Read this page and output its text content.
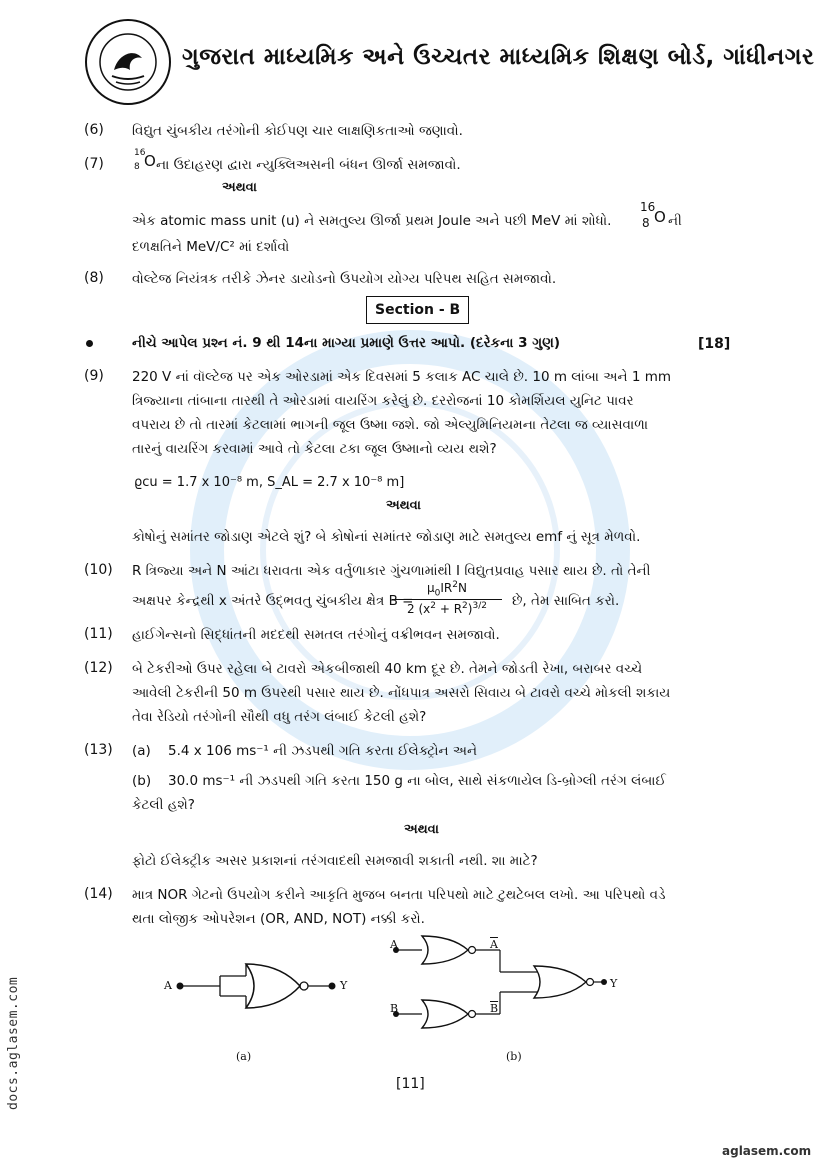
ગુજરાત માધ્યમિક અને ઉચ્ચતર માધ્યમિક શિક્ષણ બોર્ડ, ગાંધીનગર
(6) વિદ્યુત ચુંબકીય તરંગોની કોઈપણ ચાર લાક્ષણિકતાઓ જણાવો.
(7)
16
8 O ના ઉદાહરણ દ્વારા ન્યુક્લિઅસની બંધન ઊર્જા સમજાવો.
અથવા
એક atomic mass unit (u) ને સમતુલ્ય ઊર્જા પ્રથમ Joule અને પછી MeV માં શોધો.
16
8 O ની
દળક્ષતિને MeV/C² માં દર્શાવો
(8) વોલ્ટેજ નિયંત્રક તરીકે ઝેનર ડાયોડનો ઉપયોગ યોગ્ય પરિપથ સહિત સમજાવો.
Section - B
નીચે આપેલ પ્રશ્ન નં. 9 થી 14ના માગ્યા પ્રમાણે ઉત્તર આપો. (દરેકના 3 ગુણ)	[18]
(9) 220 V નાં વૉલ્ટેજ પર એક ઓરડામાં એક દિવસમાં 5 કલાક AC ચાલે છે. 10 m લાંબા અને 1 mm
ત્રિજ્યાના તાંબાના તારથી તે ઓરડામાં વાયરિંગ કરેલું છે. દરરોજનાં 10 કોમર્શિયલ યુનિટ પાવર
વપરાય છે તો તારમાં કેટલામાં ભાગની જૂલ ઉષ્મા જશે. જો એલ્યુમિનિયમના તેટલા જ વ્યાસવાળા
તારનું વાયરિંગ કરવામાં આવે તો કેટલા ટકા જૂલ ઉષ્માનો વ્યય થશે?
ϱcu = 1.7 x 10⁻⁸ m, S_AL = 2.7 x 10⁻⁸ m]
અથવા
કોષોનું સમાંતર જોડાણ એટલે શું? બે કોષોનાં સમાંતર જોડાણ માટે સમતુલ્ય emf નું સૂત્ર મેળવો.
(10) R ત્રિજ્યા અને N આંટા ધરાવતા એક વર્તુળાકાર ગુંચળામાંથી I વિદ્યુતપ્રવાહ પસાર થાય છે. તો તેની
અક્ષપર કેન્દ્રથી x અંતરે ઉદ્‌ભવતુ ચુંબકીય ક્ષેત્ર B =
$\mu_0IR^2N$
2 $(x^2 + R^2)^{3/2}$	છે, તેમ સાબિત કરો.
(11) હાઈગેન્સનો સિદ્ધાંતની મદદથી સમતલ તરંગોનું વક્રીભવન સમજાવો.
(12) બે ટેકરીઓ ઉપર રહેલા બે ટાવરો એકબીજાથી 40 km દૂર છે. તેમને જોડતી રેખા, બરાબર વચ્ચે
આવેલી ટેકરીની 50 m ઉપરથી પસાર થાય છે. નોંધપાત્ર અસરો સિવાય બે ટાવરો વચ્ચે મોકલી શકાય
તેવા રેડિયો તરંગોની સૌથી વધુ તરંગ લંબાઈ કેટલી હશે?
(13) (a) 5.4 x 106 ms⁻¹ ની ઝડપથી ગતિ કરતા ઈલેક્ટ્રોન અને
(b) 30.0 ms⁻¹ ની ઝડપથી ગતિ કરતા 150 g ના બોલ, સાથે સંકળાયેલ ડિ-બ્રોગ્લી તરંગ લંબાઈ
કેટલી હશે?
અથવા
ફોટો ઈલેક્ટ્રીક અસર પ્રકાશનાં તરંગવાદથી સમજાવી શકાતી નથી. શા માટે?
(14) માત્ર NOR ગેટનો ઉપયોગ કરીને આકૃતિ મુજબ બનતા પરિપથો માટે ટુથટેબલ લખો. આ પરિપથો વડે
થતા લોજીક ઓપરેશન (OR, AND, NOT) નક્કી કરો.
A	Y
(a)
A
B
$\overline{A}$
$\overline{B}$
Y
(b)
[11]
docs.aglasem.com
aglasem.com
